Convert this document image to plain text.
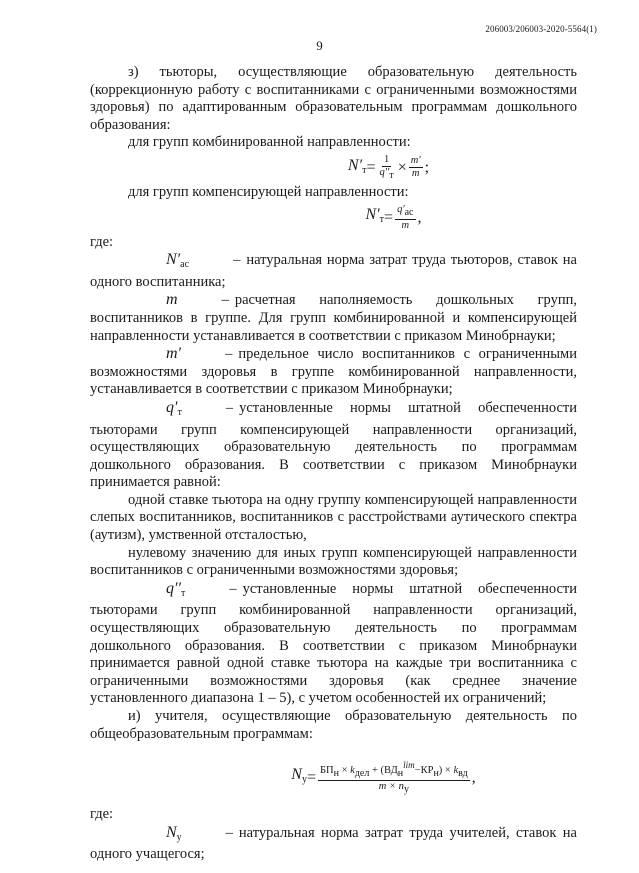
206003/206003-2020-5564(1)
9

з) тьюторы, осуществляющие образовательную деятельность (коррекционную работу с воспитанниками с ограниченными возможностями здоровья) по адаптированным образовательным программам дошкольного образования:

для групп комбинированной направленности:

$N'_т = \frac{1}{q''т} \times \frac{m'}{m}$ ;

для групп компенсирующей направленности:

$N'_т = \frac{q'ас}{m}$ ,

где:

$N'_{ас}$	– натуральная норма затрат труда тьюторов, ставок на одного воспитанника;

m	– расчетная наполняемость дошкольных групп, воспитанников в группе. Для групп комбинированной и компенсирующей направленности устанавливается в соответствии с приказом Минобрнауки;

m′	– предельное число воспитанников с ограниченными возможностями здоровья в группе комбинированной направленности, устанавливается в соответствии с приказом Минобрнауки;

$q'_т$	– установленные нормы штатной обеспеченности тьюторами групп компенсирующей направленности организаций, осуществляющих образовательную деятельность по программам дошкольного образования. В соответствии с приказом Минобрнауки принимается равной:

одной ставке тьютора на одну группу компенсирующей направленности слепых воспитанников, воспитанников с расстройствами аутического спектра (аутизм), умственной отсталостью,

нулевому значению для иных групп компенсирующей направленности воспитанников с ограниченными возможностями здоровья;

$q''_т$	– установленные нормы штатной обеспеченности тьюторами групп комбинированной направленности организаций, осуществляющих образовательную деятельность по программам дошкольного образования. В соответствии с приказом Минобрнауки принимается равной одной ставке тьютора на каждые три воспитанника с ограниченными возможностями здоровья (как среднее значение установленного диапазона 1 – 5), с учетом особенностей их ограничений;

и) учителя, осуществляющие образовательную деятельность по общеобразовательным программам:

$N_у = \frac{\text{БПн × kдел + (ВДнlim−КРн) × kвд}}{m \times nу}$ ,

где:

$N_у$	– натуральная норма затрат труда учителей, ставок на одного учащегося;
